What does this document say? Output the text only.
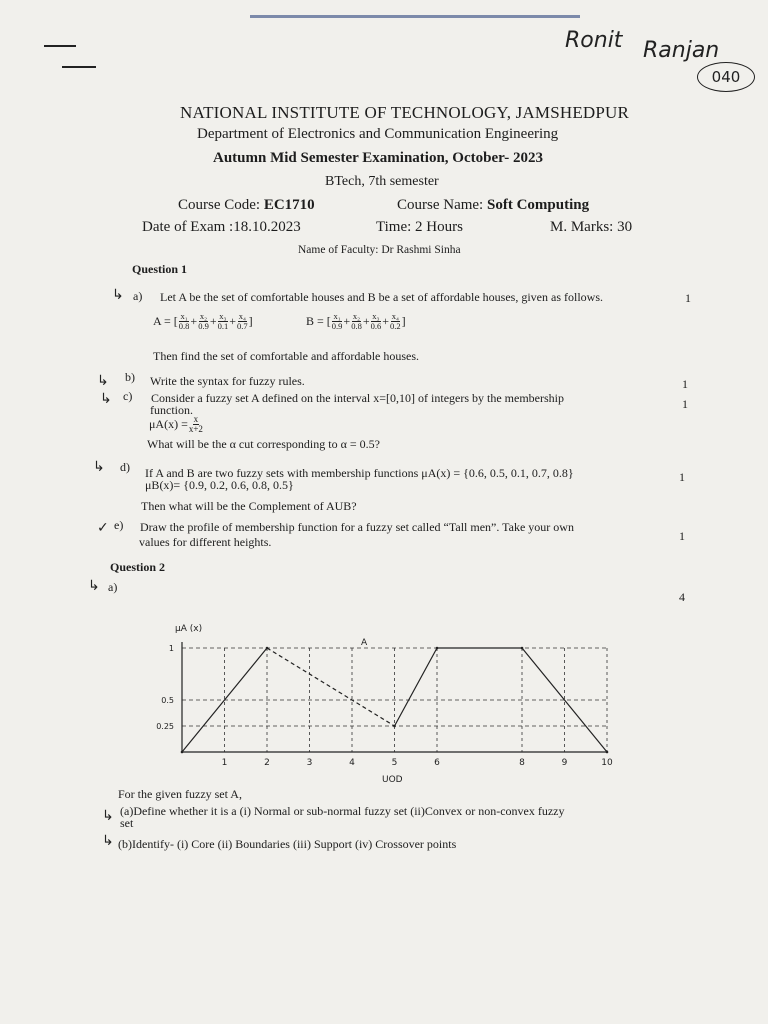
Ronit Ranjan
040
NATIONAL INSTITUTE OF TECHNOLOGY, JAMSHEDPUR
Department of Electronics and Communication Engineering
Autumn Mid Semester Examination, October- 2023
BTech, 7th semester
Course Code: EC1710	Course Name: Soft Computing
Date of Exam :18.10.2023	Time: 2 Hours	M. Marks: 30
Name of Faculty: Dr Rashmi Sinha
Question 1
a) Let A be the set of comfortable houses and B be a set of affordable houses, given as follows.	1
A = [ $\frac{\text{x₁}}{0.8} + \frac{\text{x₂}}{0.9} + \frac{\text{x₃}}{0.1} + \frac{\text{x₄}}{0.7}$ ]	B = [ $\frac{\text{x₁}}{0.9} + \frac{\text{x₂}}{0.8} + \frac{\text{x₃}}{0.6} + \frac{\text{x₄}}{0.2}$ ]
Then find the set of comfortable and affordable houses.
b) Write the syntax for fuzzy rules.	1
c) Consider a fuzzy set A defined on the interval x=[0,10] of integers by the membership	1
function.
$\mu A(x) = \frac{x}{x+2}$
What will be the α cut corresponding to α = 0.5?
d) If A and B are two fuzzy sets with membership functions μA(x) = {0.6, 0.5, 0.1, 0.7, 0.8}	1
μB(x)= {0.9, 0.2, 0.6, 0.8, 0.5}
Then what will be the Complement of AUB?
e) Draw the profile of membership function for a fuzzy set called “Tall men”. Take your own
1
values for different heights.
Question 2
a)
4
↳
↳
↳
↳
✓
↳
↳
↳
μA (x)
UOD
1
0.5
0.25
1	2	3	4	5	6	8	9	10
A
For the given fuzzy set A,
(a)Define whether it is a (i) Normal or sub-normal fuzzy set (ii)Convex or non-convex fuzzy
set
(b)Identify- (i) Core (ii) Boundaries (iii) Support (iv) Crossover points
